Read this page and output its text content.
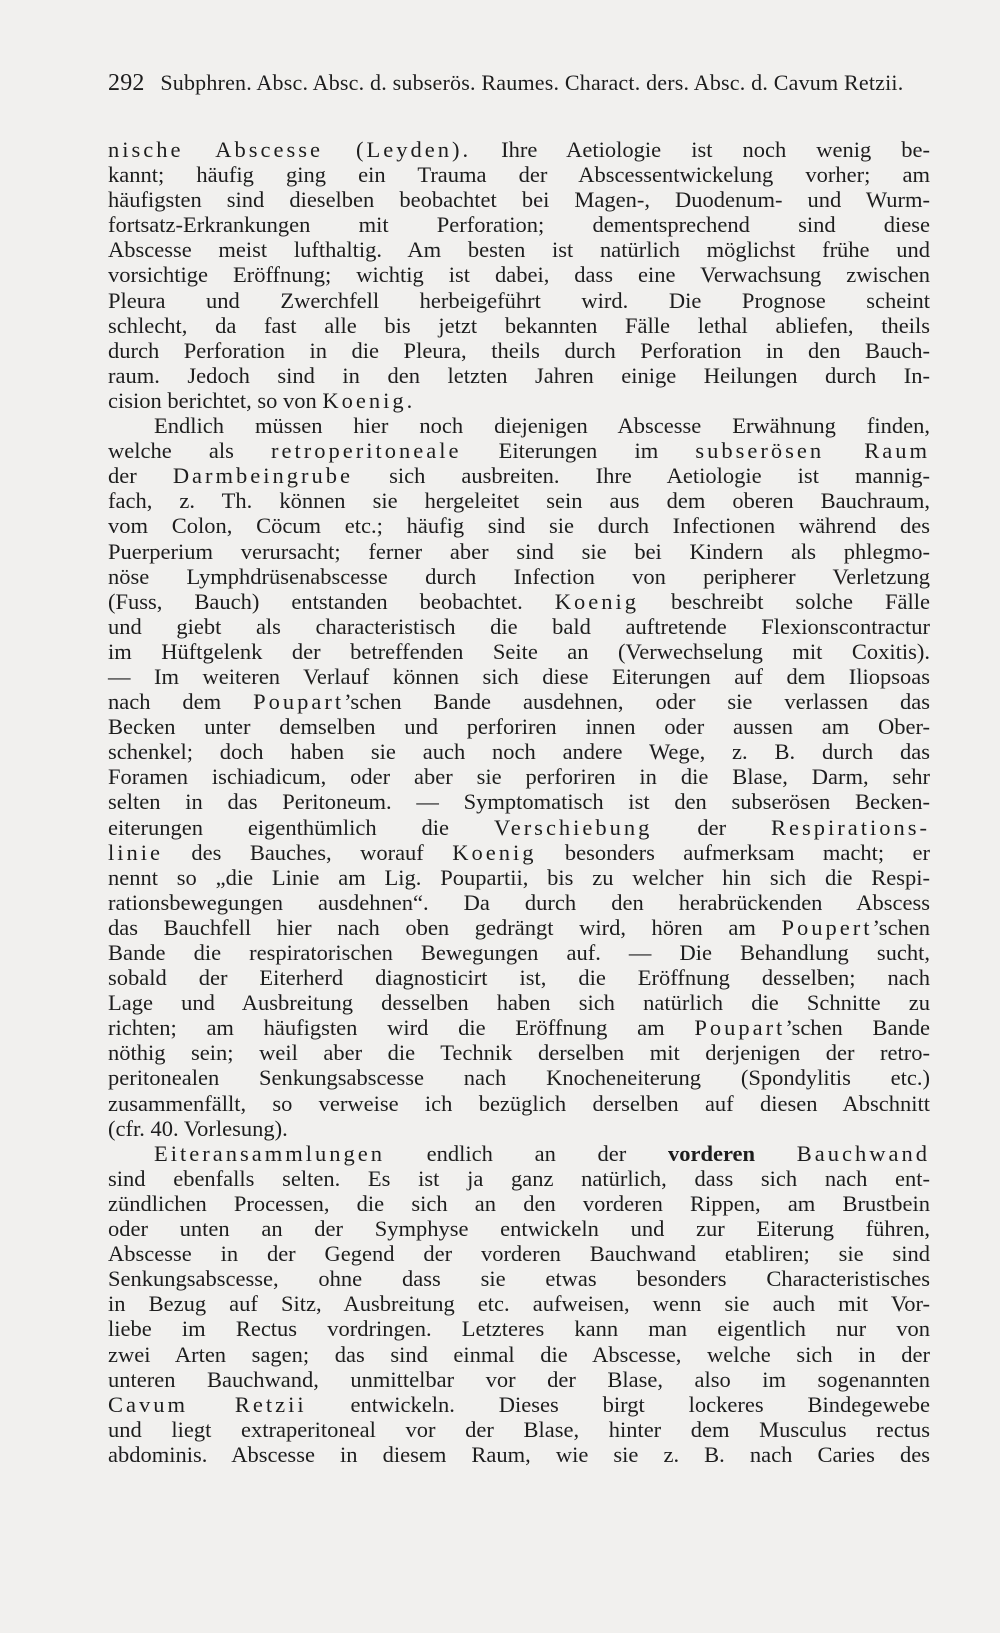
292 Subphren. Absc. Absc. d. subserös. Raumes. Charact. ders. Absc. d. Cavum Retzii.
nische Abscesse (Leyden). Ihre Aetiologie ist noch wenig be-
kannt; häufig ging ein Trauma der Abscessentwickelung vorher; am
häufigsten sind dieselben beobachtet bei Magen-, Duodenum- und Wurm-
fortsatz-Erkrankungen mit Perforation; dementsprechend sind diese
Abscesse meist lufthaltig. Am besten ist natürlich möglichst frühe und
vorsichtige Eröffnung; wichtig ist dabei, dass eine Verwachsung zwischen
Pleura und Zwerchfell herbeigeführt wird. Die Prognose scheint
schlecht, da fast alle bis jetzt bekannten Fälle lethal abliefen, theils
durch Perforation in die Pleura, theils durch Perforation in den Bauch-
raum. Jedoch sind in den letzten Jahren einige Heilungen durch In-
cision berichtet, so von Koenig.
Endlich müssen hier noch diejenigen Abscesse Erwähnung finden,
welche als retroperitoneale Eiterungen im subserösen Raum
der Darmbeingrube sich ausbreiten. Ihre Aetiologie ist mannig-
fach, z. Th. können sie hergeleitet sein aus dem oberen Bauchraum,
vom Colon, Cöcum etc.; häufig sind sie durch Infectionen während des
Puerperium verursacht; ferner aber sind sie bei Kindern als phlegmo-
nöse Lymphdrüsenabscesse durch Infection von peripherer Verletzung
(Fuss, Bauch) entstanden beobachtet. Koenig beschreibt solche Fälle
und giebt als characteristisch die bald auftretende Flexionscontractur
im Hüftgelenk der betreffenden Seite an (Verwechselung mit Coxitis).
— Im weiteren Verlauf können sich diese Eiterungen auf dem Iliopsoas
nach dem Poupart’schen Bande ausdehnen, oder sie verlassen das
Becken unter demselben und perforiren innen oder aussen am Ober-
schenkel; doch haben sie auch noch andere Wege, z. B. durch das
Foramen ischiadicum, oder aber sie perforiren in die Blase, Darm, sehr
selten in das Peritoneum. — Symptomatisch ist den subserösen Becken-
eiterungen eigenthümlich die Verschiebung der Respirations-
linie des Bauches, worauf Koenig besonders aufmerksam macht; er
nennt so „die Linie am Lig. Poupartii, bis zu welcher hin sich die Respi-
rationsbewegungen ausdehnen“. Da durch den herabrückenden Abscess
das Bauchfell hier nach oben gedrängt wird, hören am Poupert’schen
Bande die respiratorischen Bewegungen auf. — Die Behandlung sucht,
sobald der Eiterherd diagnosticirt ist, die Eröffnung desselben; nach
Lage und Ausbreitung desselben haben sich natürlich die Schnitte zu
richten; am häufigsten wird die Eröffnung am Poupart’schen Bande
nöthig sein; weil aber die Technik derselben mit derjenigen der retro-
peritonealen Senkungsabscesse nach Knocheneiterung (Spondylitis etc.)
zusammenfällt, so verweise ich bezüglich derselben auf diesen Abschnitt
(cfr. 40. Vorlesung).
Eiteransammlungen endlich an der vorderen Bauchwand
sind ebenfalls selten. Es ist ja ganz natürlich, dass sich nach ent-
zündlichen Processen, die sich an den vorderen Rippen, am Brustbein
oder unten an der Symphyse entwickeln und zur Eiterung führen,
Abscesse in der Gegend der vorderen Bauchwand etabliren; sie sind
Senkungsabscesse, ohne dass sie etwas besonders Characteristisches
in Bezug auf Sitz, Ausbreitung etc. aufweisen, wenn sie auch mit Vor-
liebe im Rectus vordringen. Letzteres kann man eigentlich nur von
zwei Arten sagen; das sind einmal die Abscesse, welche sich in der
unteren Bauchwand, unmittelbar vor der Blase, also im sogenannten
Cavum Retzii entwickeln. Dieses birgt lockeres Bindegewebe
und liegt extraperitoneal vor der Blase, hinter dem Musculus rectus
abdominis. Abscesse in diesem Raum, wie sie z. B. nach Caries des
